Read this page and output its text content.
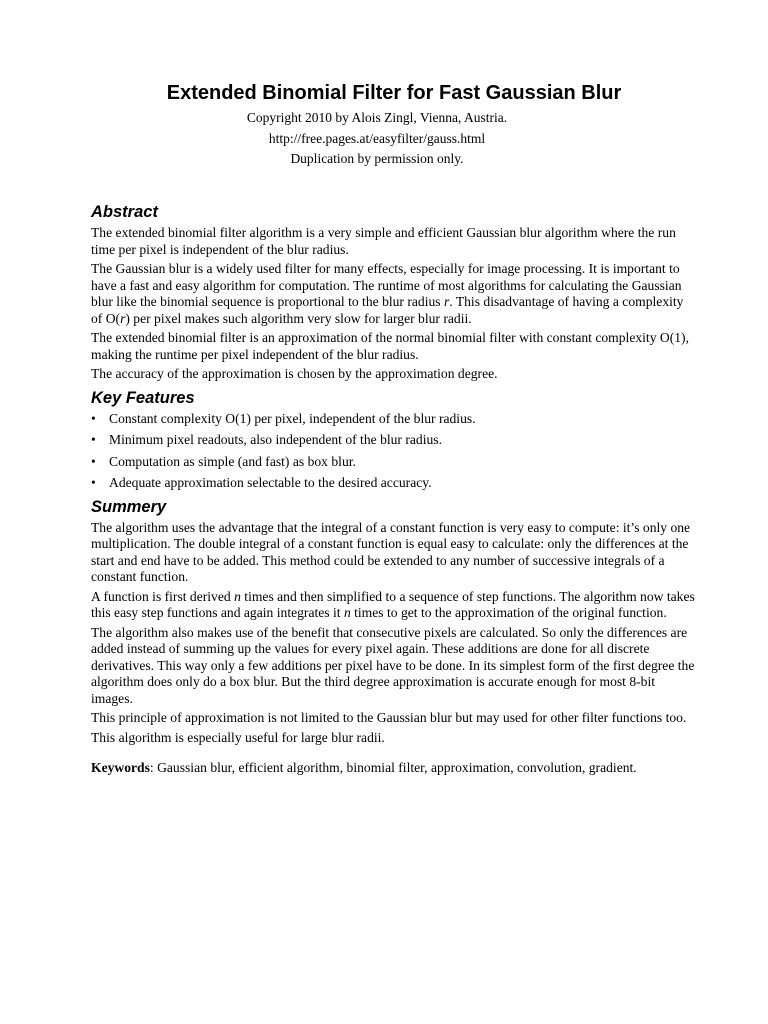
Extended Binomial Filter for Fast Gaussian Blur
Copyright 2010 by Alois Zingl, Vienna, Austria.
http://free.pages.at/easyfilter/gauss.html
Duplication by permission only.
Abstract

The extended binomial filter algorithm is a very simple and efficient Gaussian blur algorithm where the run time per pixel is independent of the blur radius.

The Gaussian blur is a widely used filter for many effects, especially for image processing. It is important to have a fast and easy algorithm for computation. The runtime of most algorithms for calculating the Gaussian blur like the binomial sequence is proportional to the blur radius r. This disadvantage of having a complexity of O(r) per pixel makes such algorithm very slow for larger blur radii.

The extended binomial filter is an approximation of the normal binomial filter with constant complexity O(1), making the runtime per pixel independent of the blur radius.

The accuracy of the approximation is chosen by the approximation degree.

Key Features
• Constant complexity O(1) per pixel, independent of the blur radius.
• Minimum pixel readouts, also independent of the blur radius.
• Computation as simple (and fast) as box blur.
• Adequate approximation selectable to the desired accuracy.
Summery

The algorithm uses the advantage that the integral of a constant function is very easy to compute: it’s only one multiplication. The double integral of a constant function is equal easy to calculate: only the differences at the start and end have to be added. This method could be extended to any number of successive integrals of a constant function.

A function is first derived n times and then simplified to a sequence of step functions. The algorithm now takes this easy step functions and again integrates it n times to get to the approximation of the original function.

The algorithm also makes use of the benefit that consecutive pixels are calculated. So only the differences are added instead of summing up the values for every pixel again. These additions are done for all discrete derivatives. This way only a few additions per pixel have to be done. In its simplest form of the first degree the algorithm does only do a box blur. But the third degree approximation is accurate enough for most 8-bit images.

This principle of approximation is not limited to the Gaussian blur but may used for other filter functions too.

This algorithm is especially useful for large blur radii.

Keywords: Gaussian blur, efficient algorithm, binomial filter, approximation, convolution, gradient.
